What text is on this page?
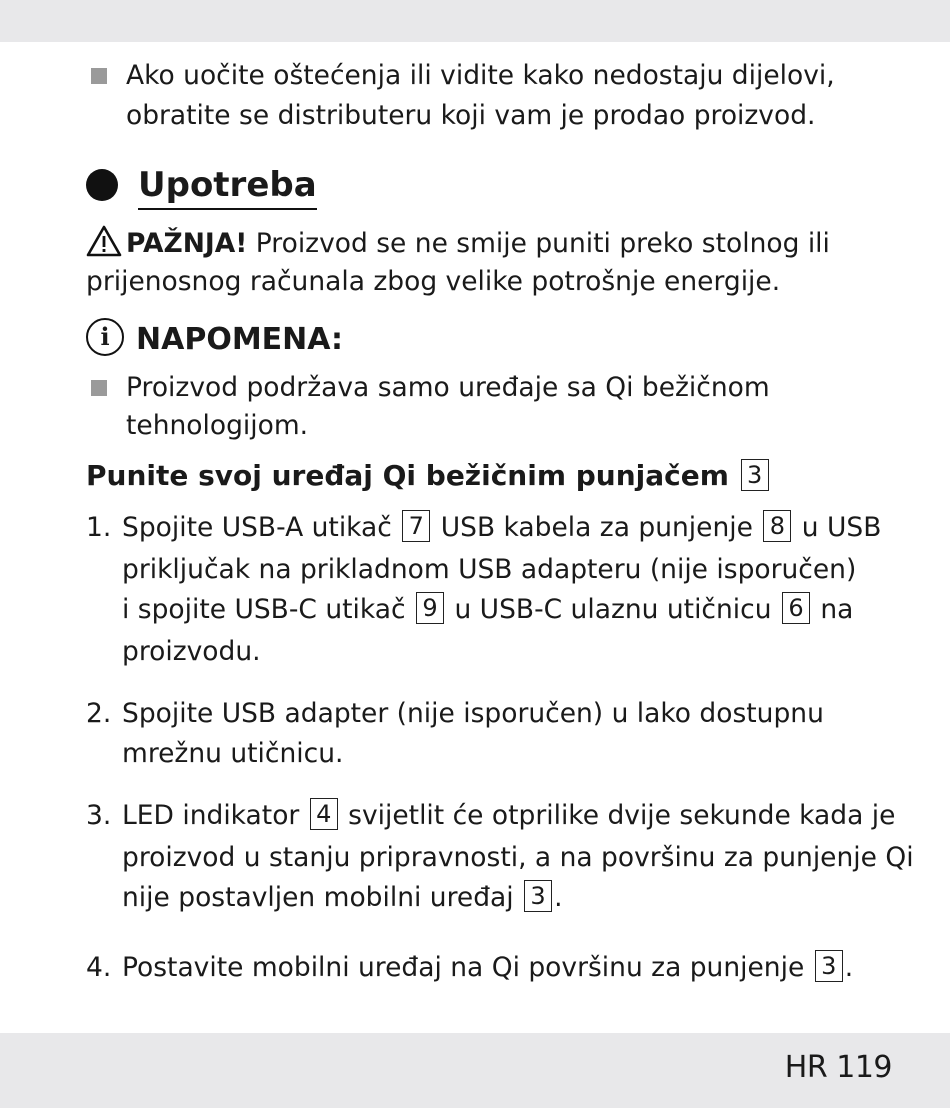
Ako uočite oštećenja ili vidite kako nedostaju dijelovi,
obratite se distributeru koji vam je prodao proizvod.
Upotreba
PAŽNJA! Proizvod se ne smije puniti preko stolnog ili
prijenosnog računala zbog velike potrošnje energije.
i NAPOMENA:
Proizvod podržava samo uređaje sa Qi bežičnom
tehnologijom.
Punite svoj uređaj Qi bežičnim punjačem 3
1. Spojite USB-A utikač 7 USB kabela za punjenje 8 u USB
priključak na prikladnom USB adapteru (nije isporučen)
i spojite USB-C utikač 9 u USB-C ulaznu utičnicu 6 na
proizvodu.
2. Spojite USB adapter (nije isporučen) u lako dostupnu
mrežnu utičnicu.
3. LED indikator 4 svijetlit će otprilike dvije sekunde kada je
proizvod u stanju pripravnosti, a na površinu za punjenje Qi
nije postavljen mobilni uređaj 3 .
4. Postavite mobilni uređaj na Qi površinu za punjenje 3 .
HR 119
